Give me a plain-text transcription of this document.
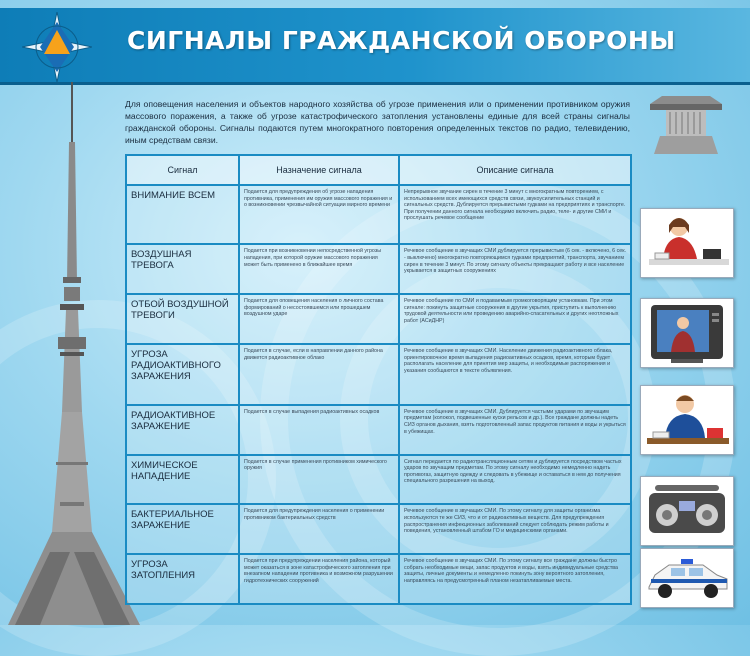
СИГНАЛЫ ГРАЖДАНСКОЙ ОБОРОНЫ
Для оповещения населения и объектов народного хозяйства об угрозе применения или о применении противником оружия массового поражения, а также об угрозе катастрофического затопления установлены единые для всей страны сигналы гражданской обороны. Сигналы подаются путем многократного повторения определенных текстов по радио, телевидению, иным средствам связи.
Сигнал	Назначение сигнала	Описание сигнала
ВНИМАНИЕ ВСЕМ	Подается для предупреждения об угрозе нападения противника, применения им оружия массового поражения и о возникновении чрезвычайной ситуации мирного времени	Непрерывное звучание сирен в течение 3 минут с многократным повторением, с использованием всех имеющихся средств связи, звукоусилительных станций и сигнальных средств. Дублируется прерывистыми гудками на предприятиях и транспорте. При получении данного сигнала необходимо включить радио, теле- и другие СМИ и прослушать речевое сообщение
ВОЗДУШНАЯ ТРЕВОГА	Подается при возникновении непосредственной угрозы нападения, при которой оружие массового поражения может быть применено в ближайшее время	Речевое сообщение в звучащих СМИ дублируется прерывистым (6 сек. - включено, 6 сек. - выключено) многократно повторяющимся гудками предприятий, транспорта, звучанием сирен в течение 3 минут. По этому сигналу объекты прекращают работу и все население укрывается в защитных сооружениях
ОТБОЙ ВОЗДУШНОЙ ТРЕВОГИ	Подается для оповещения населения о личного состава формирований о несостоявшемся или прошедшем воздушном ударе	Речевое сообщение по СМИ и подаваемым громкоговорящим установкам. При этом сигнале: покинуть защитные сооружения в другие укрытия, приступить к выполнению трудовой деятельности или проведению аварийно-спасательных и других неотложных работ (АСиДНР)
УГРОЗА РАДИОАКТИВНОГО ЗАРАЖЕНИЯ	Подается в случае, если в направлении данного района движется радиоактивное облако	Речевое сообщение в звучащих СМИ. Население движения радиоактивного облака, ориентировочное время выпадения радиоактивных осадков, время, которым будет располагать население для принятия мер защиты, и необходимые распоряжения и указания сообщаются в тексте объявления.
РАДИОАКТИВНОЕ ЗАРАЖЕНИЕ	Подается в случае выпадения радиоактивных осадков	Речевое сообщение в звучащих СМИ. Дублируется частыми ударами по звучащим предметам (колокол, подвешенные куски рельсов и др.). Все граждане должны надеть СИЗ органов дыхания, взять подготовленный запас продуктов питания и воды и укрыться в убежищах.
ХИМИЧЕСКОЕ НАПАДЕНИЕ	Подается в случае применения противником химического оружия	Сигнал передается по радиотрансляционным сетям и дублируется посредством частых ударов по звучащим предметам. По этому сигналу необходимо немедленно надеть противогаз, защитную одежду и следовать в убежище и оставаться в нем до получения специального разрешения на выход.
БАКТЕРИАЛЬНОЕ ЗАРАЖЕНИЕ	Подается для предупреждения населения о применении противником бактериальных средств	Речевое сообщение в звучащих СМИ. По этому сигналу для защиты организма используются те же СИЗ, что и от радиоактивных веществ. Для предупреждения распространения инфекционных заболеваний следует соблюдать режим работы и поведения, установленный штабом ГО и медицинскими органами.
УГРОЗА ЗАТОПЛЕНИЯ	Подается при предупреждении населения района, который может оказаться в зоне катастрофического затопления при внезапном нападении противника и возможном разрушении гидротехнических сооружений	Речевое сообщение в звучащих СМИ. По этому сигналу все граждане должны быстро собрать необходимые вещи, запас продуктов и воды, взять индивидуальные средства защиты, личные документы и немедленно покинуть зону вероятного затопления, направляясь на предусмотренный планом незатапливаемые места.
